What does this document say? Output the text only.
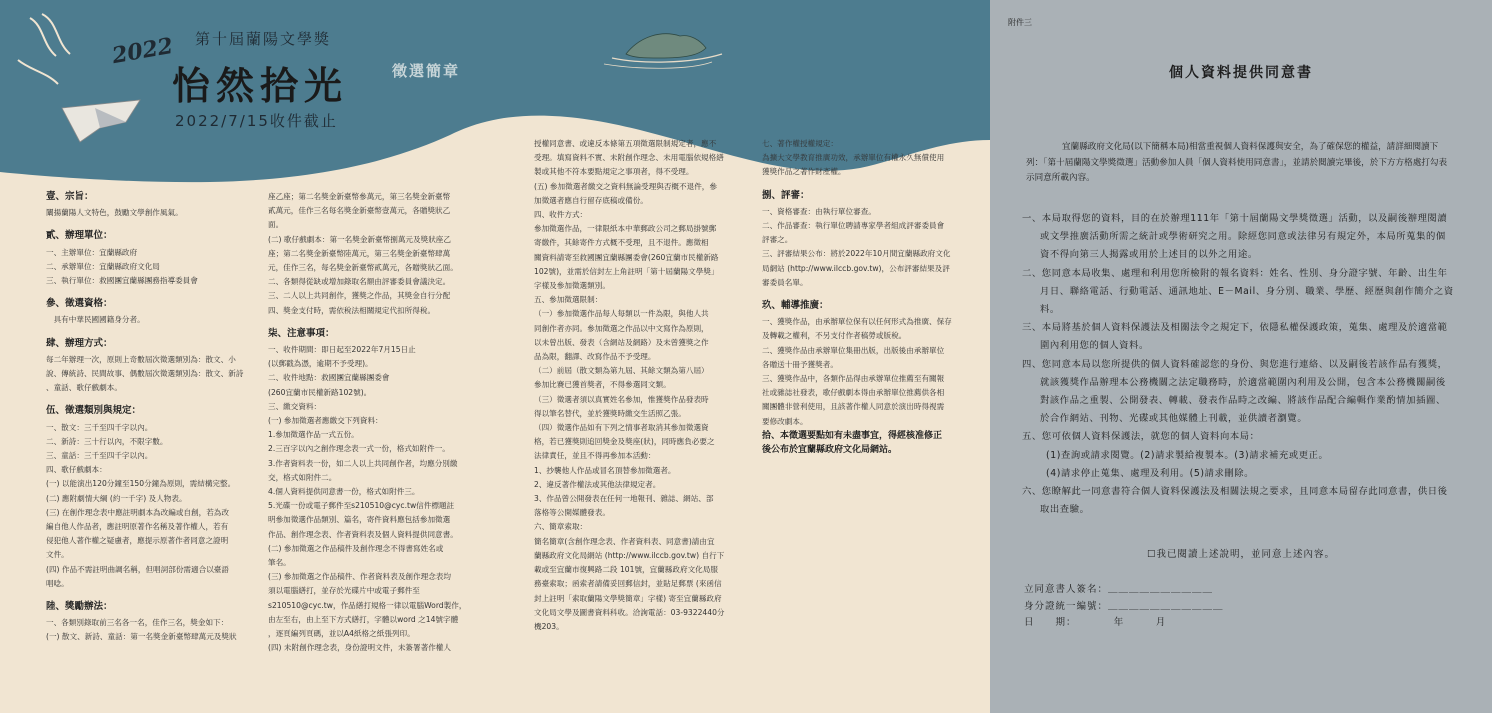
第十屆蘭陽文學獎
2022
怡然拾光
2022/7/15收件截止
徵選簡章

壹、宗旨：

闡揚蘭陽人文特色，鼓勵文學創作風氣。

貳、辦理單位：

一、主辦單位：宜蘭縣政府

二、承辦單位：宜蘭縣政府文化局

三、執行單位：救國團宜蘭縣團務指導委員會

參、徵選資格：

　具有中華民國國籍身分者。

肆、辦理方式：

每二年辦理一次，原則上奇數屆次徵選類別為：散文、小

說、傳統詩、民間故事、偶數屆次徵選類別為：散文、新詩

、童話、歌仔戲劇本。

伍、徵選類別與規定：

一、散文：三千至四千字以內。

二、新詩：三十行以內，不限字數。

三、童話：三千至四千字以內。

四、歌仔戲劇本：

(一) 以能演出120分鐘至150分鐘為原則，需結構完整。

(二) 應附劇情大綱 (約一千字) 及人物表。

(三) 在創作理念表中應註明劇本為改編或自創，若為改

編自他人作品者，應註明原著作名稱及著作權人，若有

侵犯他人著作權之疑慮者，應提示原著作者同意之證明

文件。

(四) 作品不需註明曲調名稱，但唱詞部份需適合以臺語

唱唸。

陸、獎勵辦法：

一、各類別錄取前三名各一名，佳作三名，獎金如下：

(一) 散文、新詩、童話：第一名獎金新臺幣肆萬元及獎狀

座乙座；第二名獎金新臺幣參萬元，第三名獎金新臺幣

貳萬元，佳作三名每名獎金新臺幣壹萬元，各贈獎狀乙

面。

(二) 歌仔戲劇本：第一名獎金新臺幣捌萬元及獎狀座乙

座；第二名獎金新臺幣陸萬元，第三名獎金新臺幣肆萬

元，佳作三名，每名獎金新臺幣貳萬元，各贈獎狀乙面。

二、各類得從缺或增加錄取名額由評審委員會議決定。

三、二人以上共同創作，獲獎之作品，其獎金自行分配

四、獎金支付時，需依稅法相關規定代扣所得稅。

柒、注意事項：

一、收件期間：即日起至2022年7月15日止

(以郵戳為憑，逾期不予受理)。

二、收件地點：救國團宜蘭縣團委會

(260宜蘭市民權新路102號)。

三、繳交資料：

(一) 參加徵選者應繳交下列資料：

1.參加徵選作品一式五份。

2.三百字以內之創作理念表一式一份，格式如附件一。

3.作者資料表一份，如二人以上共同創作者，均應分別繳

交，格式如附件二。

4.個人資料提供同意書一份，格式如附件三。

5.光碟一份或電子郵件至s210510@cyc.tw信件標題註

明參加徵選作品類別、篇名，寄件資料應包括參加徵選

作品、創作理念表、作者資料表及個人資料提供同意書。

(二) 參加徵選之作品稿件及創作理念不得書寫姓名或

筆名。

(三) 參加徵選之作品稿件、作者資料表及創作理念表均

須以電腦繕打，並存於光碟片中或電子郵件至

s210510@cyc.tw，作品繕打規格一律以電腦Word製作，

由左至右，由上至下方式繕打，字體以word 之14號字體

，逐頁編列頁碼，並以A4紙格之紙張列印。

(四) 未附創作理念表，身份證明文件，未簽署著作權人

授權同意書、或違反本條第五項徵選限制規定者，應不

受理。填寫資料不實、未附創作理念、未用電腦依規格繕

製或其他不符本要點規定之事項者，得不受理。

(五) 參加徵選者繳交之資料無論受理與否概不退件，參

加徵選者應自行留存底稿或備份。

四、收件方式：

參加徵選作品，一律限紙本中華郵政公司之郵局掛號郵

寄繳件，其餘寄件方式概不受理，且不退件。應徵相

關資料請寄至救國團宜蘭縣團委會(260宜蘭市民權新路

102號)，並需於信封左上角註明「第十屆蘭陽文學獎」

字樣及參加徵選類別。

五、參加徵選限制：

（一）參加徵選作品每人每類以一件為限，與他人共

同創作者亦同。參加徵選之作品以中文寫作為原則，

以未曾出版、發表（含網站及網路）及未曾獲獎之作

品為限，翻譯、改寫作品不予受理。

（二）前屆（散文類為第九屆、其餘文類為第八屆）

參加比賽已獲首獎者，不得參選同文類。

（三）徵選者須以真實姓名參加，惟獲獎作品發表時

得以筆名替代，並於獲獎時繳交生活照乙張。

（四）徵選作品如有下列之情事者取消其參加徵選資

格，若已獲獎則追回獎金及獎座(狀)，同時應負必要之

法律責任，並且不得再參加本活動：

1、抄襲他人作品或冒名頂替參加徵選者。

2、違反著作權法或其他法律規定者。

3、作品曾公開發表在任何一地報刊、雜誌、網站、部

落格等公開媒體發表。

六、簡章索取：

簡名簡章(含創作理念表、作者資料表、同意書)請由宜

蘭縣政府文化局網站 (http://www.ilccb.gov.tw) 自行下

載或至宜蘭市復興路二段 101號，宜蘭縣政府文化局服

務臺索取；函索者請備妥回郵信封，並貼足郵票 (來函信

封上註明「索取蘭陽文學獎簡章」字樣) 寄至宜蘭縣政府

文化局文學及圖書資料科收。洽詢電話：03-9322440分

機203。

七、著作權授權規定：

為擴大文學教育推廣功效，承辦單位有權永久無償使用

獲獎作品之著作財產權。

捌、評審：

一、資格審查：由執行單位審查。

二、作品審查：執行單位聘請專家學者組成評審委員會

評審之。

三、評審結果公布：將於2022年10月間宜蘭縣政府文化

局網站 (http://www.ilccb.gov.tw)，公布評審結果及評

審委員名單。

玖、輔導推廣：

一、獲獎作品，由承辦單位保有以任何形式為推廣、保存

及轉載之權利，不另支付作者稿勞或版稅。

二、獲獎作品由承辦單位集冊出版，出版後由承辦單位

各贈送十冊予獲獎者。

三、獲獎作品中，各類作品得由承辦單位推薦至有關報

社或雜誌社發表，歌仔戲劇本得由承辦單位推薦供各相

關團體非營利使用，且該著作權人同意於演出時得視需

要修改劇本。

拾、本徵選要點如有未盡事宜，得經核准修正

後公布於宜蘭縣政府文化局網站。

附件三
個人資料提供同意書
宜蘭縣政府文化局(以下簡稱本局)相當重視個人資料保護與安全，為了確保您的權益，請詳細閱讀下列：「第十屆蘭陽文學獎徵選」活動參加人員「個人資料使用同意書」，並請於閱讀完畢後，於下方方格處打勾表示同意所載內容。

一、本局取得您的資料，目的在於辦理111年「第十屆蘭陽文學獎徵選」活動，以及嗣後辦理閱讀或文學推廣活動所需之統計或學術研究之用。除經您同意或法律另有規定外，本局所蒐集的個資不得向第三人揭露或用於上述目的以外之用途。

二、您同意本局收集、處理和利用您所檢附的報名資料：姓名、性別、身分證字號、年齡、出生年月日、聯絡電話、行動電話、通訊地址、E－Mail、身分別、職業、學歷、經歷與創作簡介之資料。

三、本局將基於個人資料保護法及相關法令之規定下，依隱私權保護政策，蒐集、處理及於適當範圍內利用您的個人資料。

四、您同意本局以您所提供的個人資料確認您的身份、與您進行連絡、以及嗣後若該作品有獲獎，就該獲獎作品辦理本公務機關之法定職務時，於適當範圍內利用及公開，包含本公務機關嗣後對該作品之重製、公開發表、轉載、發表作品時之改編、將該作品配合編輯作業酌情加插圖、於合作網站、刊物、光碟或其他媒體上刊載，並供讀者瀏覽。

五、您可依個人資料保護法，就您的個人資料向本局：

(1)查詢或請求閱覽。(2)請求製給複製本。(3)請求補充或更正。

(4)請求停止蒐集、處理及利用。(5)請求刪除。

六、您瞭解此一同意書符合個人資料保護法及相關法規之要求，且同意本局留存此同意書，供日後取出查驗。

☐我已閱讀上述說明，並同意上述內容。

立同意書人簽名：＿＿＿＿＿＿＿＿＿＿

身分證統一編號：＿＿＿＿＿＿＿＿＿＿＿

日　　期：　　　　年　　　月
